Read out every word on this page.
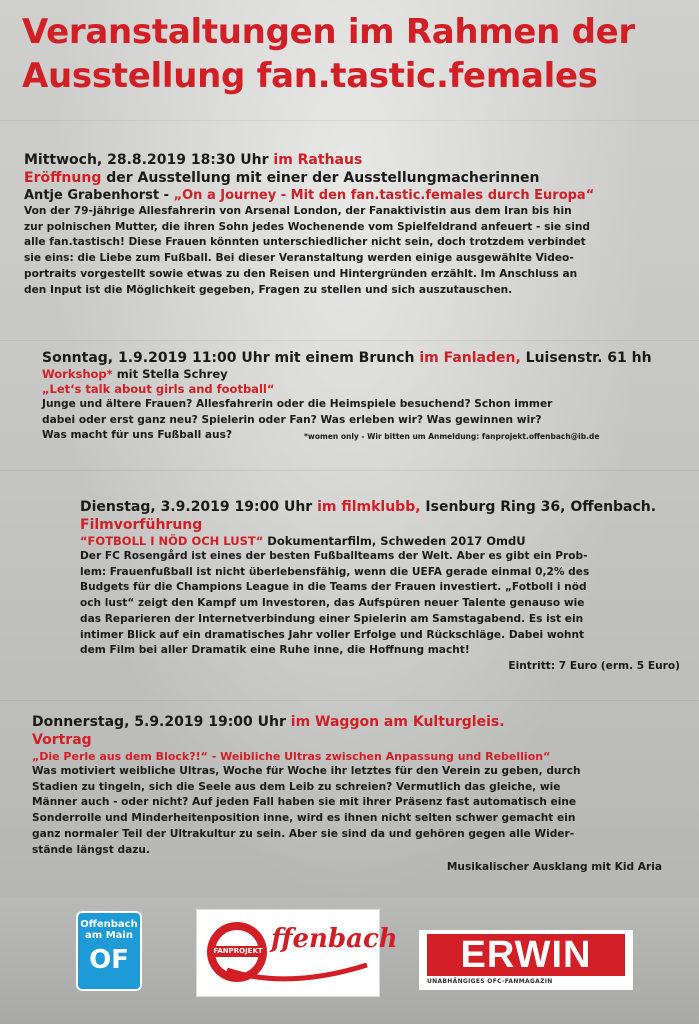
Veranstaltungen im Rahmen der
Ausstellung fan.tastic.females
Mittwoch, 28.8.2019 18:30 Uhr im Rathaus
Eröffnung der Ausstellung mit einer der Ausstellungmacherinnen
Antje Grabenhorst - „On a Journey - Mit den fan.tastic.females durch Europa“
Von der 79-jährige Allesfahrerin von Arsenal London, der Fanaktivistin aus dem Iran bis hin
zur polnischen Mutter, die ihren Sohn jedes Wochenende vom Spielfeldrand anfeuert - sie sind
alle fan.tastisch! Diese Frauen könnten unterschiedlicher nicht sein, doch trotzdem verbindet
sie eins: die Liebe zum Fußball. Bei dieser Veranstaltung werden einige ausgewählte Video-
portraits vorgestellt sowie etwas zu den Reisen und Hintergründen erzählt. Im Anschluss an
den Input ist die Möglichkeit gegeben, Fragen zu stellen und sich auszutauschen.
Sonntag, 1.9.2019 11:00 Uhr mit einem Brunch im Fanladen, Luisenstr. 61 hh
Workshop* mit Stella Schrey
„Let‘s talk about girls and football“
Junge und ältere Frauen? Allesfahrerin oder die Heimspiele besuchend? Schon immer
dabei oder erst ganz neu? Spielerin oder Fan? Was erleben wir? Was gewinnen wir?
Was macht für uns Fußball aus?	*women only - Wir bitten um Anmeldung: fanprojekt.offenbach@ib.de
Dienstag, 3.9.2019 19:00 Uhr im filmklubb, Isenburg Ring 36, Offenbach.
Filmvorführung
“FOTBOLL I NÖD OCH LUST“ Dokumentarfilm, Schweden 2017 OmdU
Der FC Rosengård ist eines der besten Fußballteams der Welt. Aber es gibt ein Prob-
lem: Frauenfußball ist nicht überlebensfähig, wenn die UEFA gerade einmal 0,2% des
Budgets für die Champions League in die Teams der Frauen investiert. „Fotboll i nöd
och lust“ zeigt den Kampf um Investoren, das Aufspüren neuer Talente genauso wie
das Reparieren der Internetverbindung einer Spielerin am Samstagabend. Es ist ein
intimer Blick auf ein dramatisches Jahr voller Erfolge und Rückschläge. Dabei wohnt
dem Film bei aller Dramatik eine Ruhe inne, die Hoffnung macht!
Eintritt: 7 Euro (erm. 5 Euro)
Donnerstag, 5.9.2019 19:00 Uhr im Waggon am Kulturgleis.
Vortrag
„Die Perle aus dem Block?!“ - Weibliche Ultras zwischen Anpassung und Rebellion“
Was motiviert weibliche Ultras, Woche für Woche ihr letztes für den Verein zu geben, durch
Stadien zu tingeln, sich die Seele aus dem Leib zu schreien? Vermutlich das gleiche, wie
Männer auch - oder nicht? Auf jeden Fall haben sie mit ihrer Präsenz fast automatisch eine
Sonderrolle und Minderheitenposition inne, wird es ihnen nicht selten schwer gemacht ein
ganz normaler Teil der Ultrakultur zu sein. Aber sie sind da und gehören gegen alle Wider-
stände längst dazu.
Musikalischer Ausklang mit Kid Aria
Offenbach
am Main
OF	FANPROJEKT ffenbach	ERWIN
UNABHÄNGIGES OFC-FANMAGAZIN
